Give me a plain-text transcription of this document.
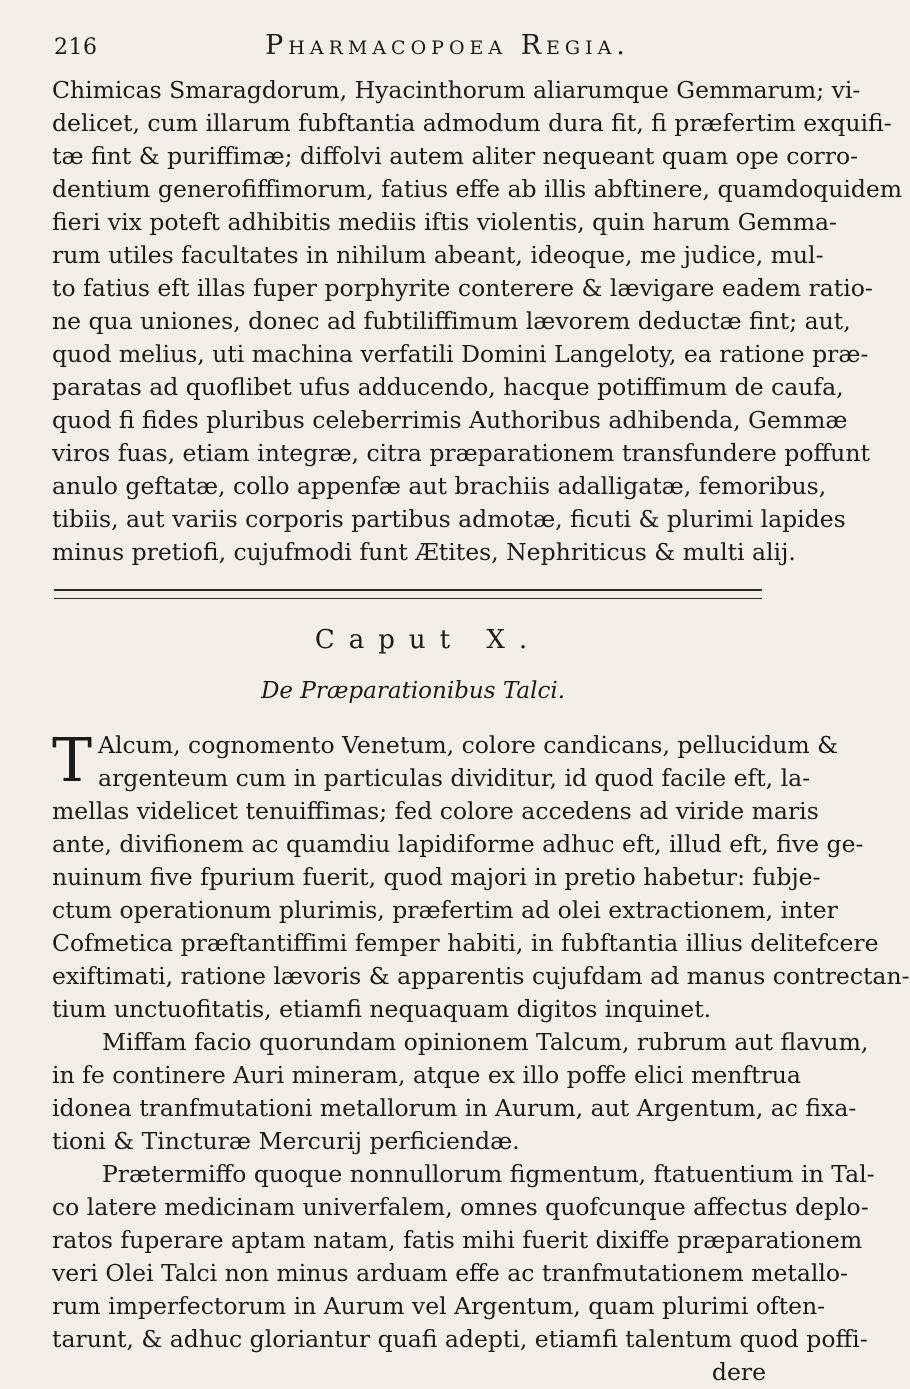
216	Pharmacopoea Regia.
Chimicas Smaragdorum, Hyacinthorum aliarumque Gemmarum; vi-
delicet, cum illarum fubftantia admodum dura fit, fi præfertim exquifi-
tæ fint & puriffimæ; diffolvi autem aliter nequeant quam ope corro-
dentium generofiffimorum, fatius effe ab illis abftinere, quamdoquidem
fieri vix poteft adhibitis mediis iftis violentis, quin harum Gemma-
rum utiles facultates in nihilum abeant, ideoque, me judice, mul-
to fatius eft illas fuper porphyrite conterere & lævigare eadem ratio-
ne qua uniones, donec ad fubtiliffimum lævorem deductæ fint; aut,
quod melius, uti machina verfatili Domini Langeloty, ea ratione præ-
paratas ad quoflibet ufus adducendo, hacque potiffimum de caufa,
quod fi fides pluribus celeberrimis Authoribus adhibenda, Gemmæ
viros fuas, etiam integræ, citra præparationem transfundere poffunt
anulo geftatæ, collo appenfæ aut brachiis adalligatæ, femoribus,
tibiis, aut variis corporis partibus admotæ, ficuti & plurimi lapides
minus pretiofi, cujufmodi funt Ætites, Nephriticus & multi alij.
Caput X.
De Præparationibus Talci.
T Alcum, cognomento Venetum, colore candicans, pellucidum &
argenteum cum in particulas dividitur, id quod facile eft, la-
mellas videlicet tenuiffimas; fed colore accedens ad viride maris
ante, divifionem ac quamdiu lapidiforme adhuc eft, illud eft, five ge-
nuinum five fpurium fuerit, quod majori in pretio habetur: fubje-
ctum operationum plurimis, præfertim ad olei extractionem, inter
Cofmetica præftantiffimi femper habiti, in fubftantia illius delitefcere
exiftimati, ratione lævoris & apparentis cujufdam ad manus contrectan-
tium unctuofitatis, etiamfi nequaquam digitos inquinet.
Miffam facio quorundam opinionem Talcum, rubrum aut flavum,
in fe continere Auri mineram, atque ex illo poffe elici menftrua
idonea tranfmutationi metallorum in Aurum, aut Argentum, ac fixa-
tioni & Tincturæ Mercurij perficiendæ.
Prætermiffo quoque nonnullorum figmentum, ftatuentium in Tal-
co latere medicinam univerfalem, omnes quofcunque affectus deplo-
ratos fuperare aptam natam, fatis mihi fuerit dixiffe præparationem
veri Olei Talci non minus arduam effe ac tranfmutationem metallo-
rum imperfectorum in Aurum vel Argentum, quam plurimi often-
tarunt, & adhuc gloriantur quafi adepti, etiamfi talentum quod poffi-
dere
